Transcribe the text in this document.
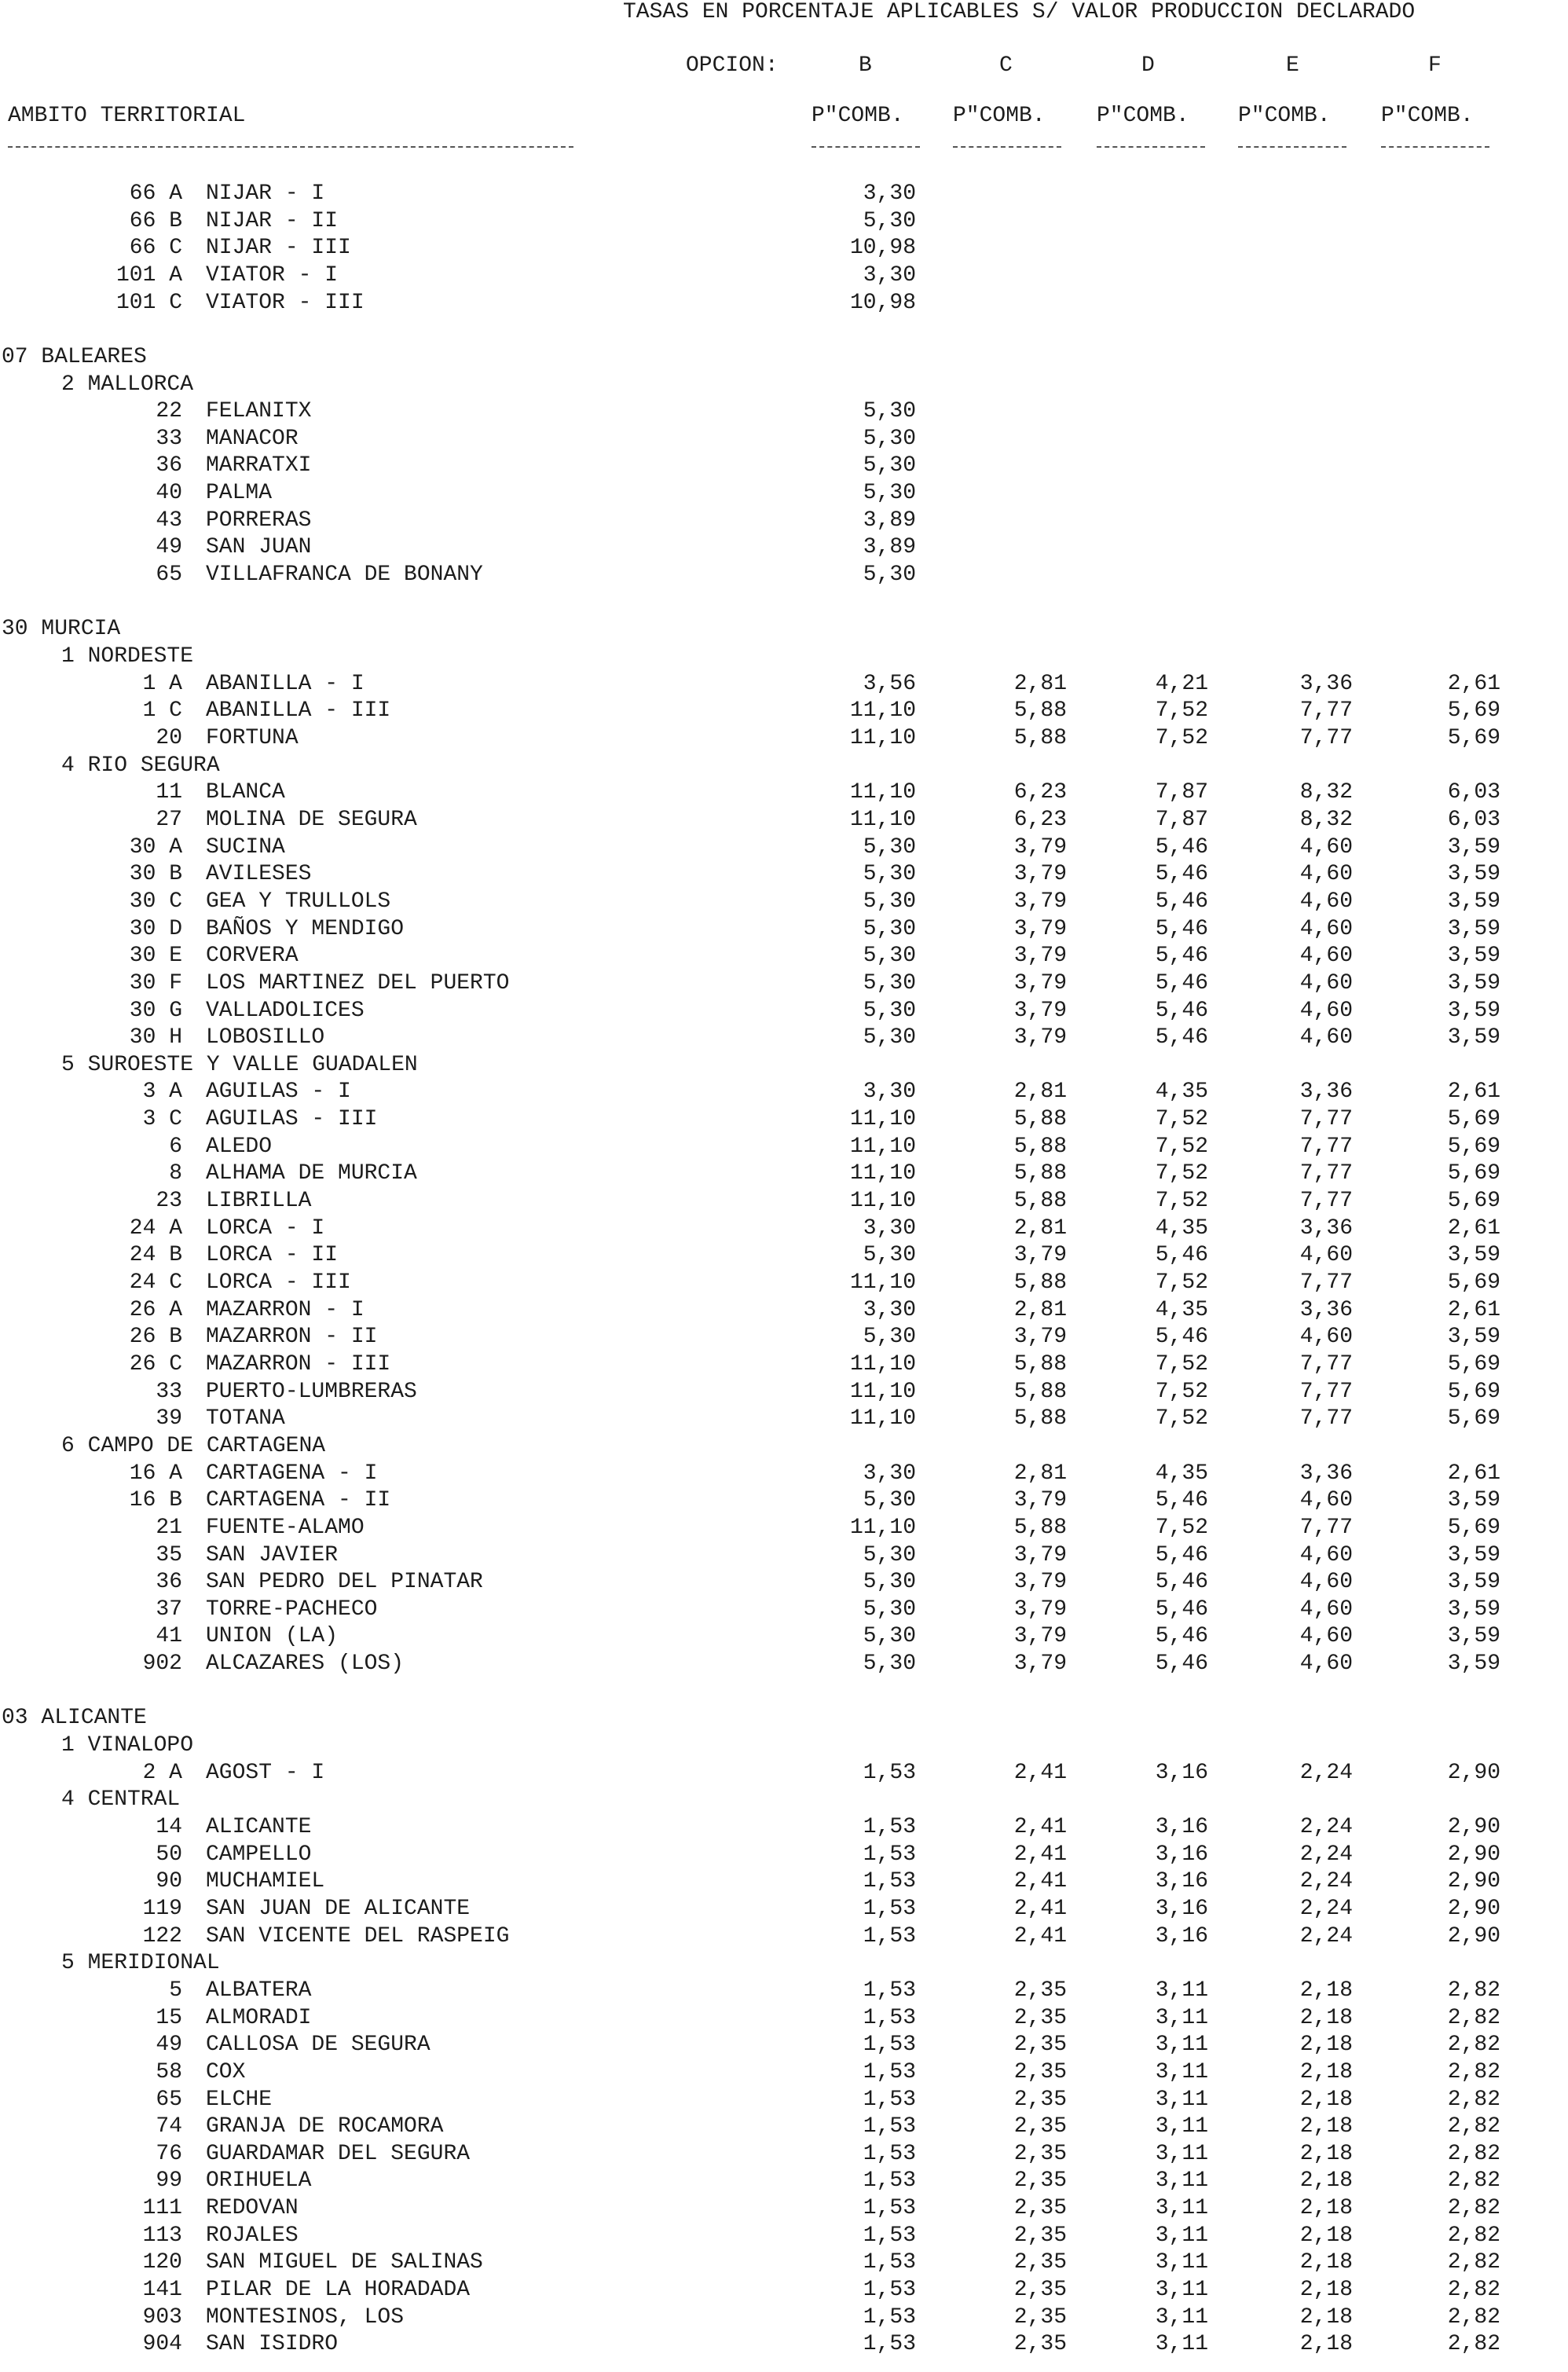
TASAS EN PORCENTAJE APLICABLES S/ VALOR PRODUCCION DECLARADO
OPCION:	B	C	D	E	F
AMBITO TERRITORIAL	P"COMB. P"COMB. P"COMB. P"COMB. P"COMB.
66 A NIJAR - I	3,30
66 B NIJAR - II	5,30
66 C NIJAR - III	10,98
101 A VIATOR - I	3,30
101 C VIATOR - III	10,98
07 BALEARES
2 MALLORCA
22 FELANITX	5,30
33 MANACOR	5,30
36 MARRATXI	5,30
40 PALMA	5,30
43 PORRERAS	3,89
49 SAN JUAN	3,89
65 VILLAFRANCA DE BONANY	5,30
30 MURCIA
1 NORDESTE
1 A ABANILLA - I	3,56	2,81	4,21	3,36	2,61
1 C ABANILLA - III	11,10	5,88	7,52	7,77	5,69
20 FORTUNA	11,10	5,88	7,52	7,77	5,69
4 RIO SEGURA
11 BLANCA	11,10	6,23	7,87	8,32	6,03
27 MOLINA DE SEGURA	11,10	6,23	7,87	8,32	6,03
30 A SUCINA	5,30	3,79	5,46	4,60	3,59
30 B AVILESES	5,30	3,79	5,46	4,60	3,59
30 C GEA Y TRULLOLS	5,30	3,79	5,46	4,60	3,59
30 D BAÑOS Y MENDIGO	5,30	3,79	5,46	4,60	3,59
30 E CORVERA	5,30	3,79	5,46	4,60	3,59
30 F LOS MARTINEZ DEL PUERTO	5,30	3,79	5,46	4,60	3,59
30 G VALLADOLICES	5,30	3,79	5,46	4,60	3,59
30 H LOBOSILLO	5,30	3,79	5,46	4,60	3,59
5 SUROESTE Y VALLE GUADALEN
3 A AGUILAS - I	3,30	2,81	4,35	3,36	2,61
3 C AGUILAS - III	11,10	5,88	7,52	7,77	5,69
6 ALEDO	11,10	5,88	7,52	7,77	5,69
8 ALHAMA DE MURCIA	11,10	5,88	7,52	7,77	5,69
23 LIBRILLA	11,10	5,88	7,52	7,77	5,69
24 A LORCA - I	3,30	2,81	4,35	3,36	2,61
24 B LORCA - II	5,30	3,79	5,46	4,60	3,59
24 C LORCA - III	11,10	5,88	7,52	7,77	5,69
26 A MAZARRON - I	3,30	2,81	4,35	3,36	2,61
26 B MAZARRON - II	5,30	3,79	5,46	4,60	3,59
26 C MAZARRON - III	11,10	5,88	7,52	7,77	5,69
33 PUERTO-LUMBRERAS	11,10	5,88	7,52	7,77	5,69
39 TOTANA	11,10	5,88	7,52	7,77	5,69
6 CAMPO DE CARTAGENA
16 A CARTAGENA - I	3,30	2,81	4,35	3,36	2,61
16 B CARTAGENA - II	5,30	3,79	5,46	4,60	3,59
21 FUENTE-ALAMO	11,10	5,88	7,52	7,77	5,69
35 SAN JAVIER	5,30	3,79	5,46	4,60	3,59
36 SAN PEDRO DEL PINATAR	5,30	3,79	5,46	4,60	3,59
37 TORRE-PACHECO	5,30	3,79	5,46	4,60	3,59
41 UNION (LA)	5,30	3,79	5,46	4,60	3,59
902 ALCAZARES (LOS)	5,30	3,79	5,46	4,60	3,59
03 ALICANTE
1 VINALOPO
2 A AGOST - I	1,53	2,41	3,16	2,24	2,90
4 CENTRAL
14 ALICANTE	1,53	2,41	3,16	2,24	2,90
50 CAMPELLO	1,53	2,41	3,16	2,24	2,90
90 MUCHAMIEL	1,53	2,41	3,16	2,24	2,90
119 SAN JUAN DE ALICANTE	1,53	2,41	3,16	2,24	2,90
122 SAN VICENTE DEL RASPEIG	1,53	2,41	3,16	2,24	2,90
5 MERIDIONAL
5 ALBATERA	1,53	2,35	3,11	2,18	2,82
15 ALMORADI	1,53	2,35	3,11	2,18	2,82
49 CALLOSA DE SEGURA	1,53	2,35	3,11	2,18	2,82
58 COX	1,53	2,35	3,11	2,18	2,82
65 ELCHE	1,53	2,35	3,11	2,18	2,82
74 GRANJA DE ROCAMORA	1,53	2,35	3,11	2,18	2,82
76 GUARDAMAR DEL SEGURA	1,53	2,35	3,11	2,18	2,82
99 ORIHUELA	1,53	2,35	3,11	2,18	2,82
111 REDOVAN	1,53	2,35	3,11	2,18	2,82
113 ROJALES	1,53	2,35	3,11	2,18	2,82
120 SAN MIGUEL DE SALINAS	1,53	2,35	3,11	2,18	2,82
141 PILAR DE LA HORADADA	1,53	2,35	3,11	2,18	2,82
903 MONTESINOS, LOS	1,53	2,35	3,11	2,18	2,82
904 SAN ISIDRO	1,53	2,35	3,11	2,18	2,82
